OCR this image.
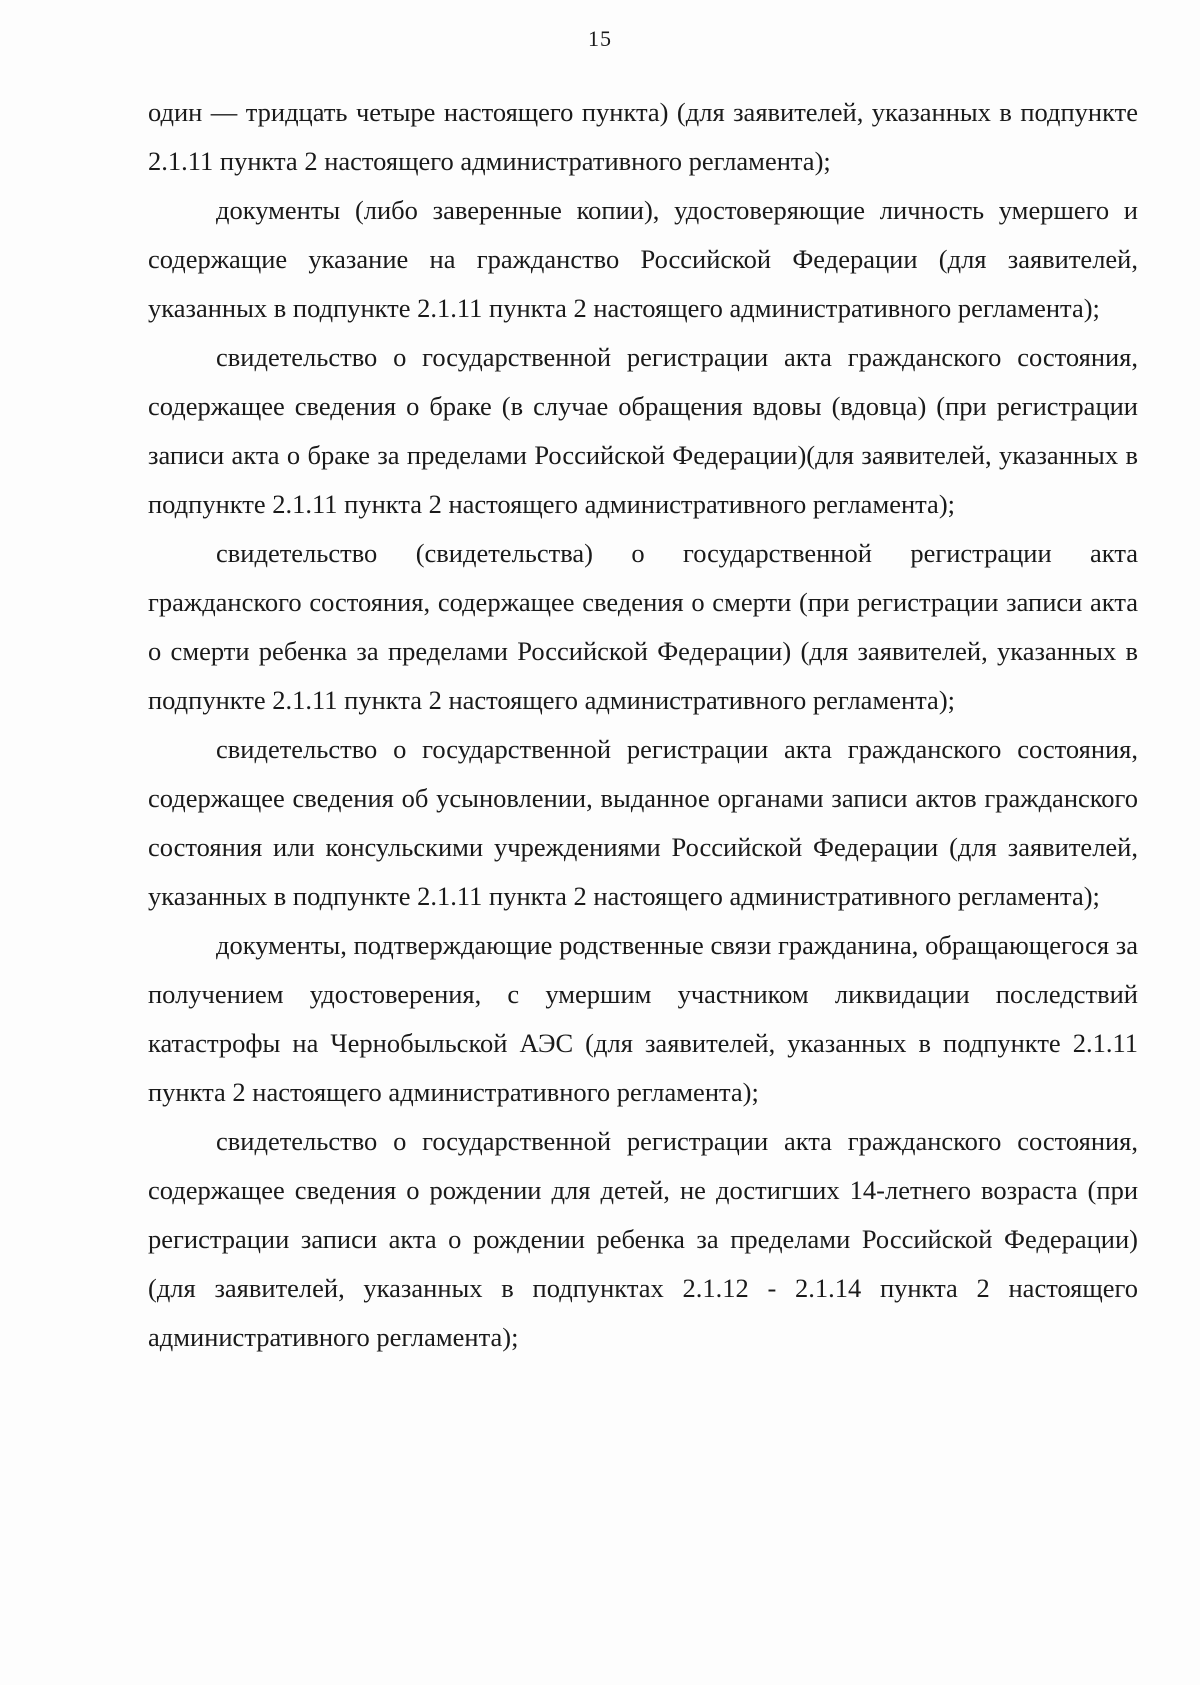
15

один — тридцать четыре настоящего пункта) (для заявителей, указанных в подпункте 2.1.11 пункта 2 настоящего административного регламента);

документы (либо заверенные копии), удостоверяющие личность умершего и содержащие указание на гражданство Российской Федерации (для заявителей, указанных в подпункте 2.1.11 пункта 2 настоящего административного регламента);

свидетельство о государственной регистрации акта гражданского состояния, содержащее сведения о браке (в случае обращения вдовы (вдовца) (при регистрации записи акта о браке за пределами Российской Федерации)(для заявителей, указанных в подпункте 2.1.11 пункта 2 настоящего административного регламента);

свидетельство (свидетельства) о государственной регистрации акта гражданского состояния, содержащее сведения о смерти (при регистрации записи акта о смерти ребенка за пределами Российской Федерации) (для заявителей, указанных в подпункте 2.1.11 пункта 2 настоящего административного регламента);

свидетельство о государственной регистрации акта гражданского состояния, содержащее сведения об усыновлении, выданное органами записи актов гражданского состояния или консульскими учреждениями Российской Федерации (для заявителей, указанных в подпункте 2.1.11 пункта 2 настоящего административного регламента);

документы, подтверждающие родственные связи гражданина, обращающегося за получением удостоверения, с умершим участником ликвидации последствий катастрофы на Чернобыльской АЭС (для заявителей, указанных в подпункте 2.1.11 пункта 2 настоящего административного регламента);

свидетельство о государственной регистрации акта гражданского состояния, содержащее сведения о рождении для детей, не достигших 14-летнего возраста (при регистрации записи акта о рождении ребенка за пределами Российской Федерации) (для заявителей, указанных в подпунктах 2.1.12 - 2.1.14 пункта 2 настоящего административного регламента);
